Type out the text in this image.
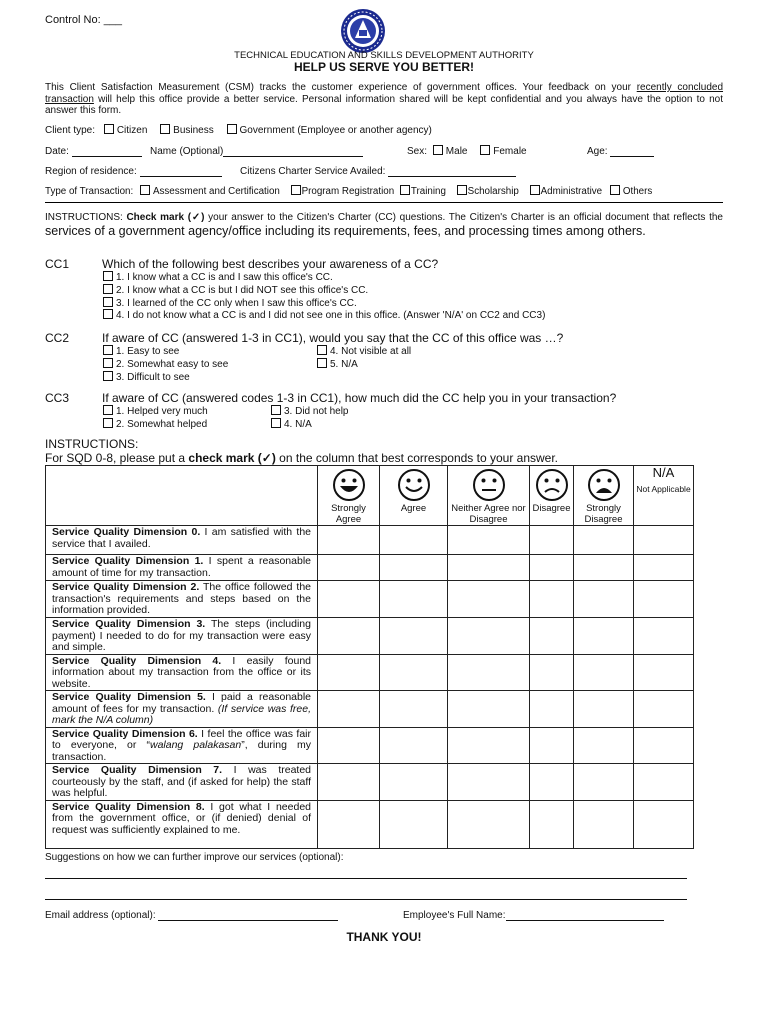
Control No: ___
TECHNICAL EDUCATION AND SKILLS DEVELOPMENT AUTHORITY
HELP US SERVE YOU BETTER!
This Client Satisfaction Measurement (CSM) tracks the customer experience of government offices. Your feedback on your recently concluded transaction will help this office provide a better service. Personal information shared will be kept confidential and you always have the option to not answer this form.
Client type: Citizen	Business	Government (Employee or another agency)
Date:	Name (Optional)	Sex: Male	Female	Age:
Region of residence:	Citizens Charter Service Availed:
Type of Transaction: Assessment and Certification Program Registration Training Scholarship Administrative Others
INSTRUCTIONS: Check mark (✓) your answer to the Citizen's Charter (CC) questions. The Citizen's Charter is an official document that reflects the services of a government agency/office including its requirements, fees, and processing times among others.
CC1	Which of the following best describes your awareness of a CC?
1. I know what a CC is and I saw this office's CC.
2. I know what a CC is but I did NOT see this office's CC.
3. I learned of the CC only when I saw this office's CC.
4. I do not know what a CC is and I did not see one in this office. (Answer 'N/A' on CC2 and CC3)
CC2	If aware of CC (answered 1-3 in CC1), would you say that the CC of this office was …?
1. Easy to see
2. Somewhat easy to see
3. Difficult to see
4. Not visible at all
5. N/A
CC3	If aware of CC (answered codes 1-3 in CC1), how much did the CC help you in your transaction?
1. Helped very much
2. Somewhat helped
3. Did not help
4. N/A
INSTRUCTIONS:
For SQD 0-8, please put a check mark (✓) on the column that best corresponds to your answer.

Strongly Agree	Agree	Neither Agree nor Disagree	Disagree	Strongly Disagree	N/A
Not Applicable

Service Quality Dimension 0. I am satisfied with the service that I availed.						
Service Quality Dimension 1. I spent a reasonable amount of time for my transaction.						
Service Quality Dimension 2. The office followed the transaction's requirements and steps based on the information provided.						
Service Quality Dimension 3. The steps (including payment) I needed to do for my transaction were easy and simple.						
Service Quality Dimension 4. I easily found information about my transaction from the office or its website.						
Service Quality Dimension 5. I paid a reasonable amount of fees for my transaction. (If service was free, mark the N/A column)						
Service Quality Dimension 6. I feel the office was fair to everyone, or “walang palakasan”, during my transaction.						
Service Quality Dimension 7. I was treated courteously by the staff, and (if asked for help) the staff was helpful.						
Service Quality Dimension 8. I got what I needed from the government office, or (if denied) denial of request was sufficiently explained to me.						
Suggestions on how we can further improve our services (optional):
Email address (optional):	Employee's Full Name:
THANK YOU!
